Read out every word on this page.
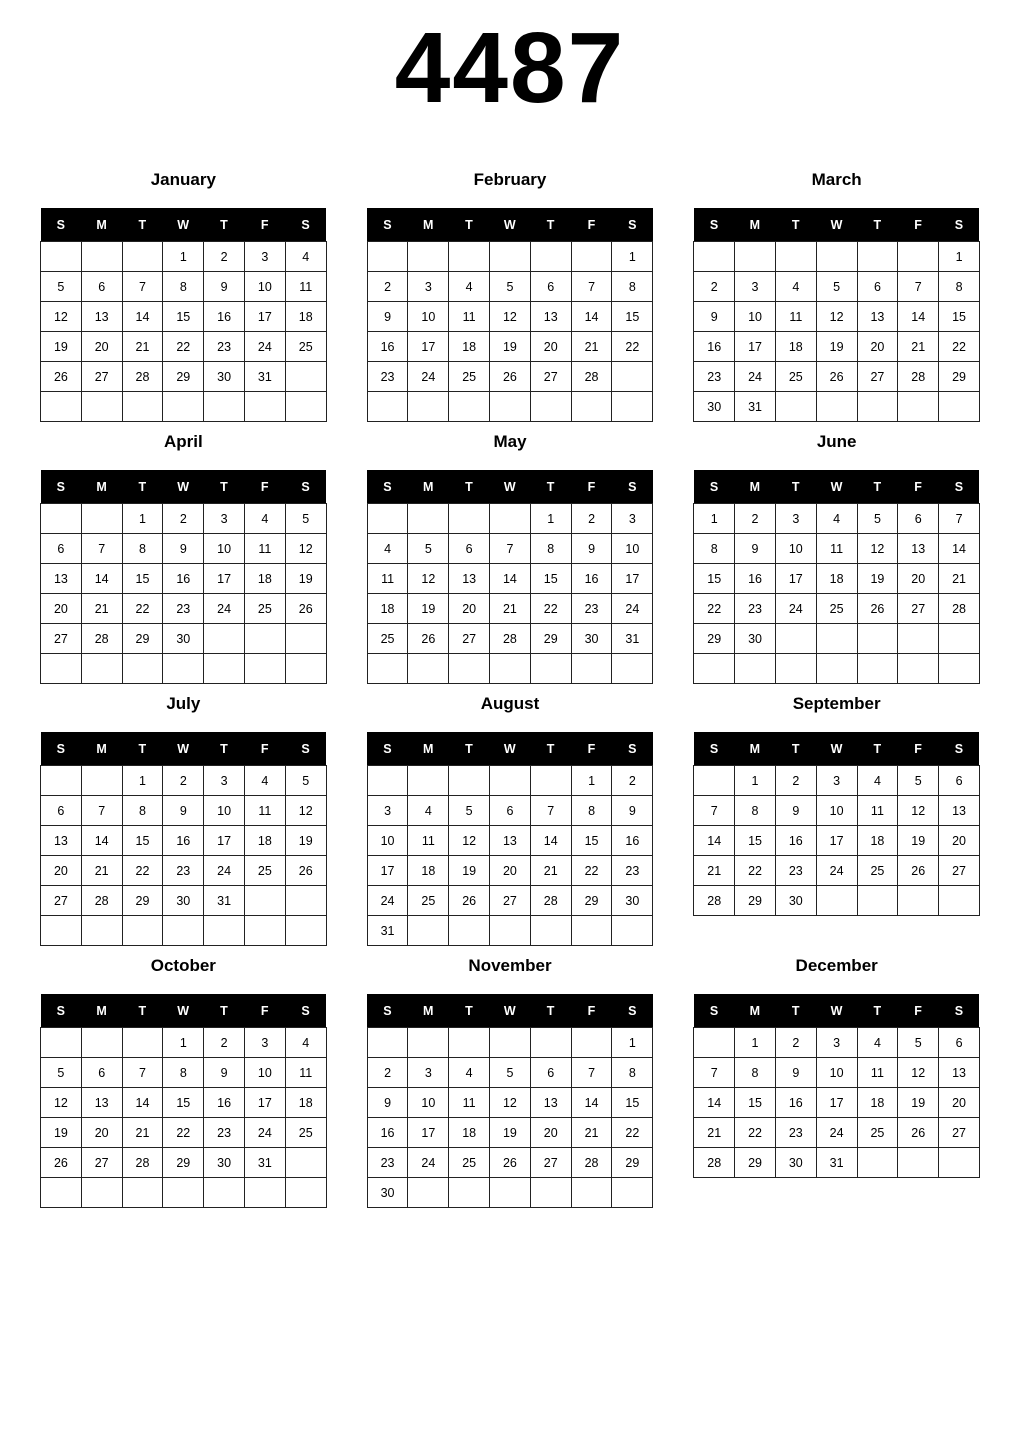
4487
January
S	M	T	W	T	F	S
			1	2	3	4
5	6	7	8	9	10	11
12	13	14	15	16	17	18
19	20	21	22	23	24	25
26	27	28	29	30	31	

February
S	M	T	W	T	F	S
						1
2	3	4	5	6	7	8
9	10	11	12	13	14	15
16	17	18	19	20	21	22
23	24	25	26	27	28	

March
S	M	T	W	T	F	S
						1
2	3	4	5	6	7	8
9	10	11	12	13	14	15
16	17	18	19	20	21	22
23	24	25	26	27	28	29
30	31					
April
S	M	T	W	T	F	S
		1	2	3	4	5
6	7	8	9	10	11	12
13	14	15	16	17	18	19
20	21	22	23	24	25	26
27	28	29	30			

May
S	M	T	W	T	F	S
				1	2	3
4	5	6	7	8	9	10
11	12	13	14	15	16	17
18	19	20	21	22	23	24
25	26	27	28	29	30	31

June
S	M	T	W	T	F	S
1	2	3	4	5	6	7
8	9	10	11	12	13	14
15	16	17	18	19	20	21
22	23	24	25	26	27	28
29	30					

July
S	M	T	W	T	F	S
		1	2	3	4	5
6	7	8	9	10	11	12
13	14	15	16	17	18	19
20	21	22	23	24	25	26
27	28	29	30	31		

August
S	M	T	W	T	F	S
					1	2
3	4	5	6	7	8	9
10	11	12	13	14	15	16
17	18	19	20	21	22	23
24	25	26	27	28	29	30
31						
September
S	M	T	W	T	F	S
	1	2	3	4	5	6
7	8	9	10	11	12	13
14	15	16	17	18	19	20
21	22	23	24	25	26	27
28	29	30				
October
S	M	T	W	T	F	S
			1	2	3	4
5	6	7	8	9	10	11
12	13	14	15	16	17	18
19	20	21	22	23	24	25
26	27	28	29	30	31	

November
S	M	T	W	T	F	S
						1
2	3	4	5	6	7	8
9	10	11	12	13	14	15
16	17	18	19	20	21	22
23	24	25	26	27	28	29
30						
December
S	M	T	W	T	F	S
	1	2	3	4	5	6
7	8	9	10	11	12	13
14	15	16	17	18	19	20
21	22	23	24	25	26	27
28	29	30	31			
